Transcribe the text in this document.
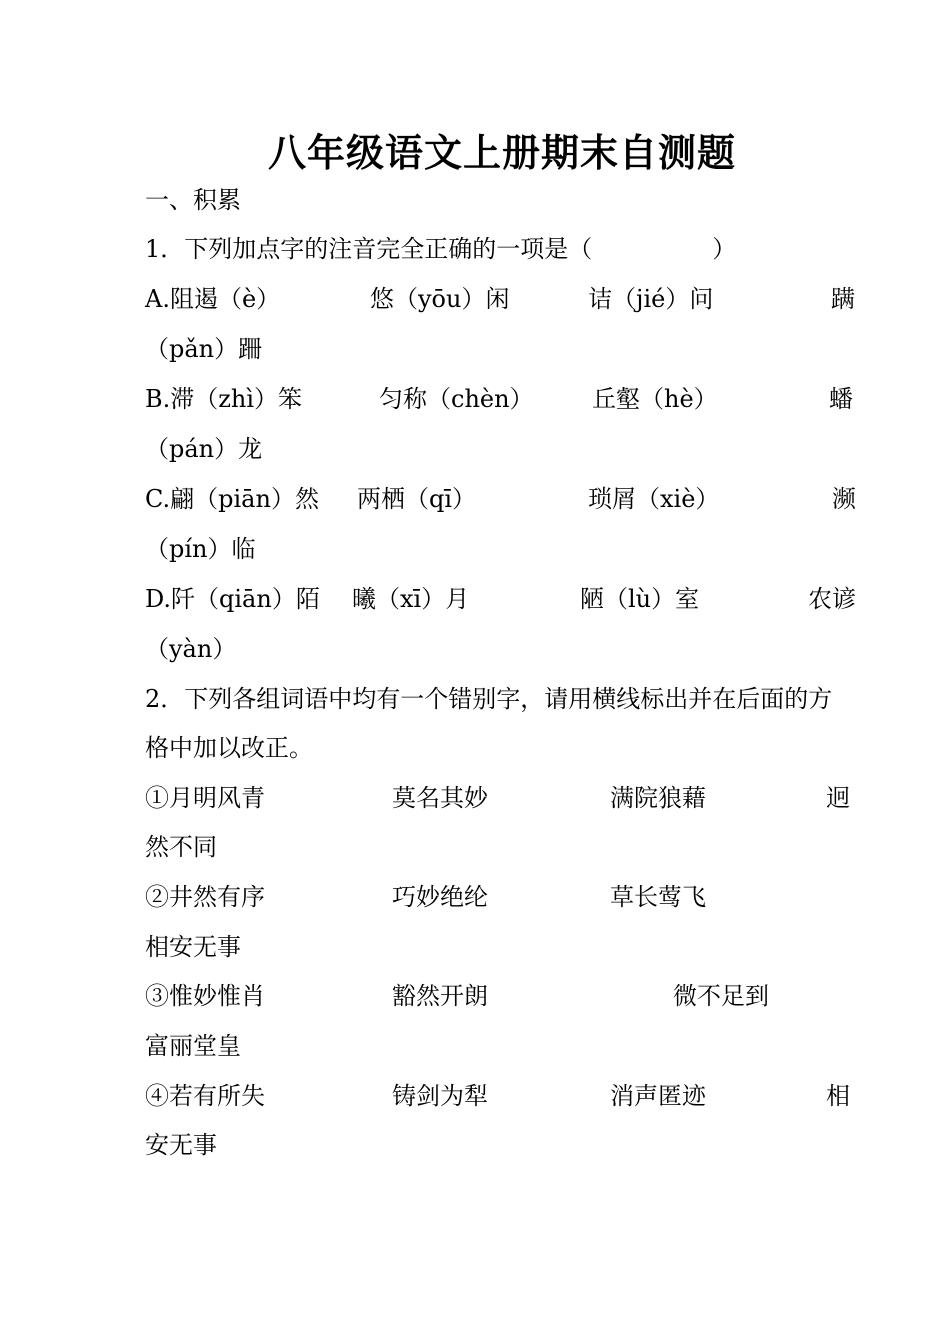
八年级语文上册期末自测题
一、积累
1．下列加点字的注音完全正确的一项是（　　　　　）
A.阻遏（è）	悠（yōu）闲	诘（jié）问	蹒
（pǎn）跚
B.滞（zhì）笨	匀称（chèn） 丘壑（hè）	蟠
（pán）龙
C.翩（piān）然 两栖（qī）	琐屑（xiè）	濒
（pín）临
D.阡（qiān）陌 曦（xī）月	陋（lù）室	农谚
（yàn）
2．下列各组词语中均有一个错别字，请用横线标出并在后面的方
格中加以改正。
①月明风青	莫名其妙	满院狼藉	迥
然不同
②井然有序	巧妙绝纶	草长莺飞
相安无事
③惟妙惟肖	豁然开朗	微不足到
富丽堂皇
④若有所失	铸剑为犁	消声匿迹	相
安无事
